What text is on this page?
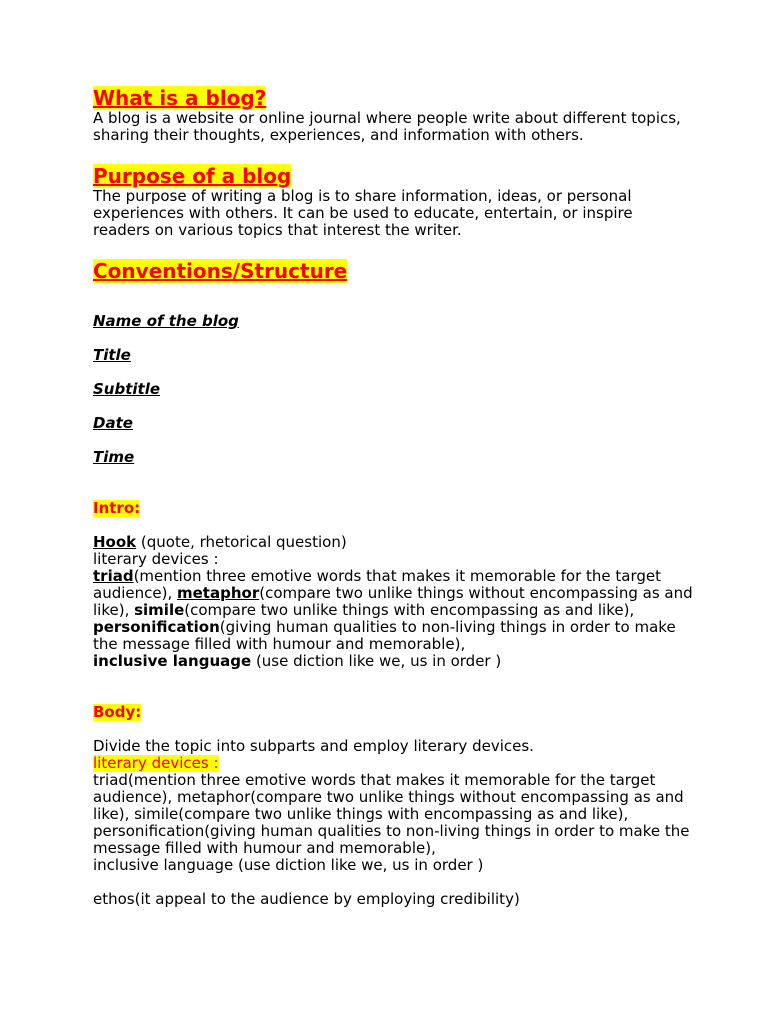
What is a blog?

A blog is a website or online journal where people write about different topics, sharing their thoughts, experiences, and information with others.

Purpose of a blog

The purpose of writing a blog is to share information, ideas, or personal experiences with others. It can be used to educate, entertain, or inspire readers on various topics that interest the writer.

Conventions/Structure

Name of the blog

Title

Subtitle

Date

Time

Intro:

Hook (quote, rhetorical question)

literary devices :

triad(mention three emotive words that makes it memorable for the target audience), metaphor(compare two unlike things without encompassing as and like), simile(compare two unlike things with encompassing as and like), personification(giving human qualities to non-living things in order to make the message filled with humour and memorable),

inclusive language (use diction like we, us in order )

Body:

Divide the topic into subparts and employ literary devices.

literary devices :

triad(mention three emotive words that makes it memorable for the target audience), metaphor(compare two unlike things without encompassing as and like), simile(compare two unlike things with encompassing as and like), personification(giving human qualities to non-living things in order to make the message filled with humour and memorable),

inclusive language (use diction like we, us in order )

ethos(it appeal to the audience by employing credibility)
